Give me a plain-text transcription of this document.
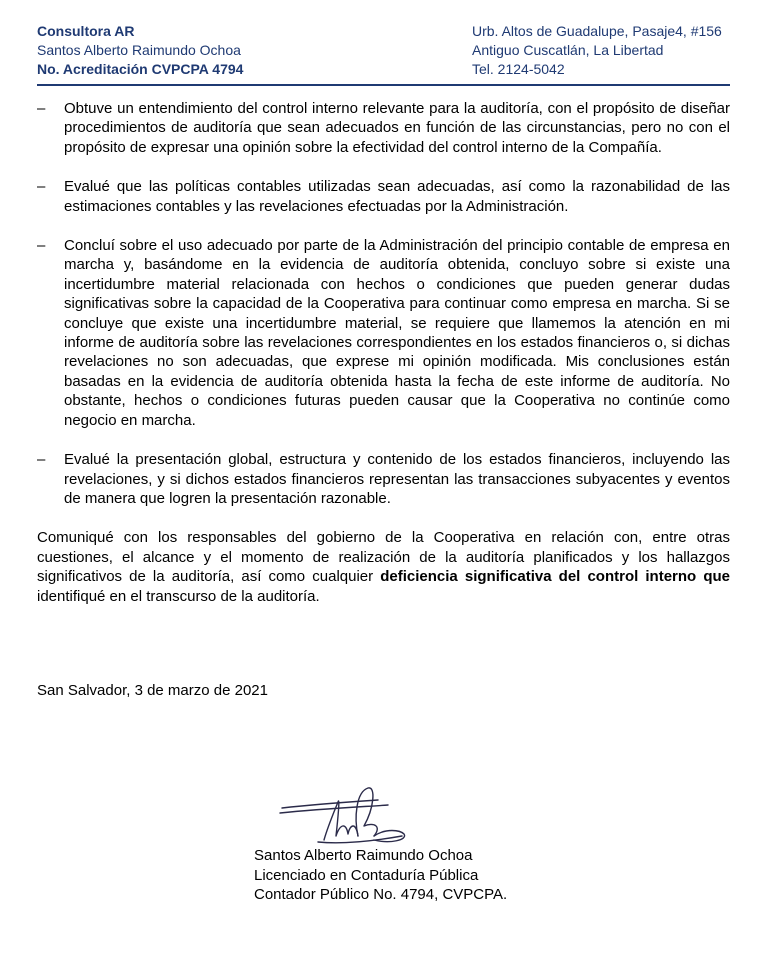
Consultora AR
Santos Alberto Raimundo Ochoa
No. Acreditación CVPCPA 4794
Urb. Altos de Guadalupe, Pasaje4, #156
Antiguo Cuscatlán, La Libertad
Tel. 2124-5042
– Obtuve un entendimiento del control interno relevante para la auditoría, con el propósito de diseñar procedimientos de auditoría que sean adecuados en función de las circunstancias, pero no con el propósito de expresar una opinión sobre la efectividad del control interno de la Compañía.
– Evalué que las políticas contables utilizadas sean adecuadas, así como la razonabilidad de las estimaciones contables y las revelaciones efectuadas por la Administración.
– Concluí sobre el uso adecuado por parte de la Administración del principio contable de empresa en marcha y, basándome en la evidencia de auditoría obtenida, concluyo sobre si existe una incertidumbre material relacionada con hechos o condiciones que pueden generar dudas significativas sobre la capacidad de la Cooperativa para continuar como empresa en marcha. Si se concluye que existe una incertidumbre material, se requiere que llamemos la atención en mi informe de auditoría sobre las revelaciones correspondientes en los estados financieros o, si dichas revelaciones no son adecuadas, que exprese mi opinión modificada. Mis conclusiones están basadas en la evidencia de auditoría obtenida hasta la fecha de este informe de auditoría. No obstante, hechos o condiciones futuras pueden causar que la Cooperativa no continúe como negocio en marcha.
– Evalué la presentación global, estructura y contenido de los estados financieros, incluyendo las revelaciones, y si dichos estados financieros representan las transacciones subyacentes y eventos de manera que logren la presentación razonable.

Comuniqué con los responsables del gobierno de la Cooperativa en relación con, entre otras cuestiones, el alcance y el momento de realización de la auditoría planificados y los hallazgos significativos de la auditoría, así como cualquier deficiencia significativa del control interno que identifiqué en el transcurso de la auditoría.

San Salvador, 3 de marzo de 2021
Santos Alberto Raimundo Ochoa
Licenciado en Contaduría Pública
Contador Público No. 4794, CVPCPA.
